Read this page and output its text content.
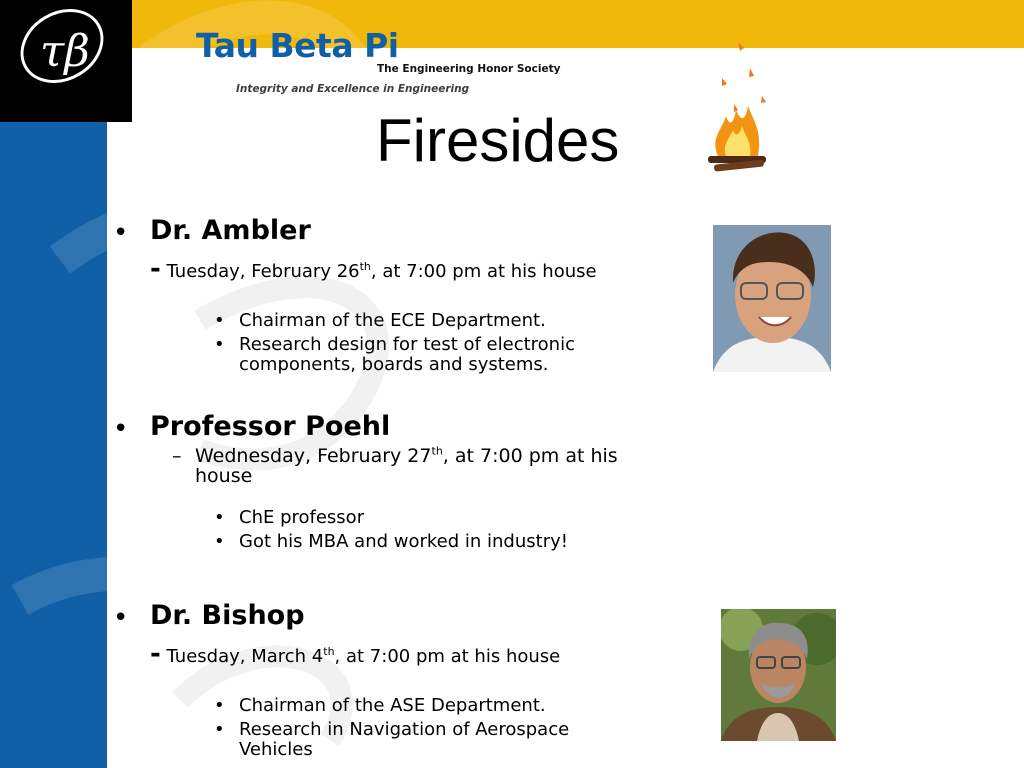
τβ	Tau Beta Pi
The Engineering Honor Society
Integrity and Excellence in Engineering
Firesides
• Dr. Ambler
- Tuesday, February 26th, at 7:00 pm at his house
• Chairman of the ECE Department.
• Research design for test of electronic components, boards and systems.
• Professor Poehl
– Wednesday, February 27th, at 7:00 pm at his
house
• ChE professor
• Got his MBA and worked in industry!
• Dr. Bishop
- Tuesday, March 4th, at 7:00 pm at his house
• Chairman of the ASE Department.
• Research in Navigation of Aerospace Vehicles
